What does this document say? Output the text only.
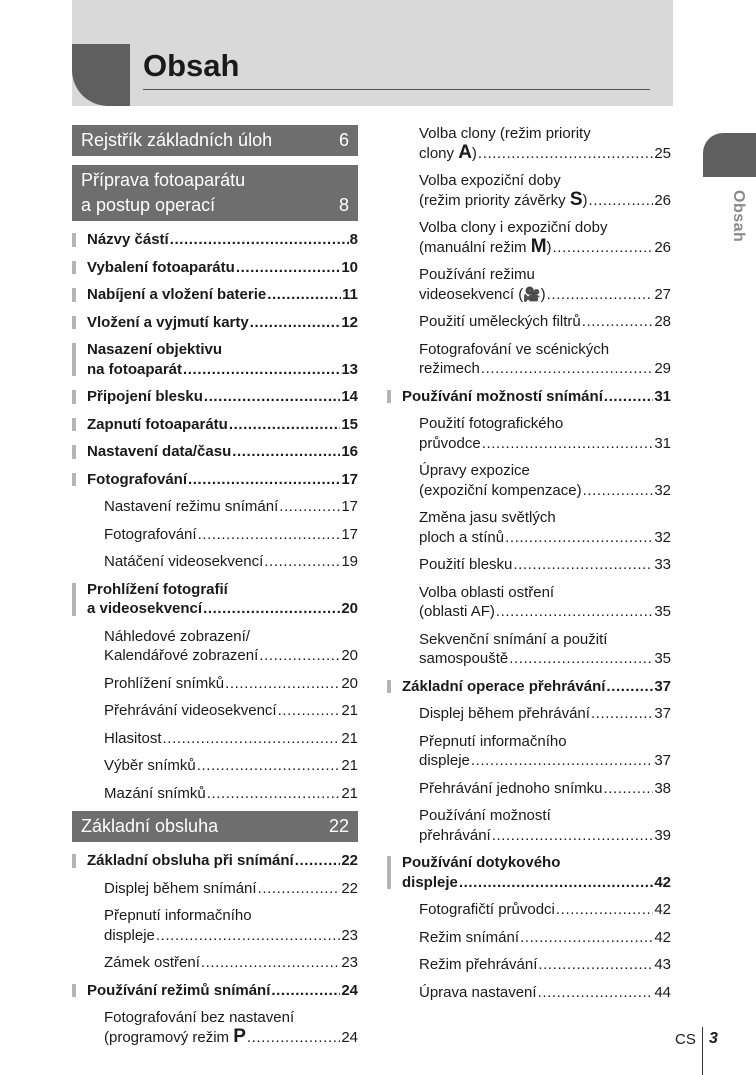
Obsah
Obsah
Rejstřík základních úloh	6
Příprava fotoaparátu
a postup operací	8
Názvy částí .....	8
Vybalení fotoaparátu .....	10
Nabíjení a vložení baterie .....	11
Vložení a vyjmutí karty .....	12
Nasazení objektivu
na fotoaparát .....	13
Připojení blesku .....	14
Zapnutí fotoaparátu .....	15
Nastavení data/času .....	16
Fotografování .....	17
Nastavení režimu snímání .....	17
Fotografování .....	17
Natáčení videosekvencí .....	19
Prohlížení fotografií
a videosekvencí .....	20
Náhledové zobrazení/
Kalendářové zobrazení .....	20
Prohlížení snímků .....	20
Přehrávání videosekvencí .....	21
Hlasitost .....	21
Výběr snímků .....	21
Mazání snímků .....	21
Základní obsluha	22
Základní obsluha při snímání .....	22
Displej během snímání .....	22
Přepnutí informačního
displeje .....	23
Zámek ostření .....	23
Používání režimů snímání .....	24
Fotografování bez nastavení
(programový režim P .....	24
Volba clony (režim priority
clony A) .....	25
Volba expoziční doby
(režim priority závěrky S) .....	26
Volba clony i expoziční doby
(manuální režim M) .....	26
Používání režimu
videosekvencí (🎥) .....	27
Použití uměleckých filtrů .....	28
Fotografování ve scénických
režimech .....	29
Používání možností snímání .....	31
Použití fotografického
průvodce .....	31
Úpravy expozice
(expoziční kompenzace) .....	32
Změna jasu světlých
ploch a stínů .....	32
Použití blesku .....	33
Volba oblasti ostření
(oblasti AF) .....	35
Sekvenční snímání a použití
samospouště .....	35
Základní operace přehrávání .....	37
Displej během přehrávání .....	37
Přepnutí informačního
displeje .....	37
Přehrávání jednoho snímku .....	38
Používání možností
přehrávání .....	39
Používání dotykového
displeje .....	42
Fotografičtí průvodci .....	42
Režim snímání .....	42
Režim přehrávání .....	43
Úprava nastavení .....	44
CS 3
